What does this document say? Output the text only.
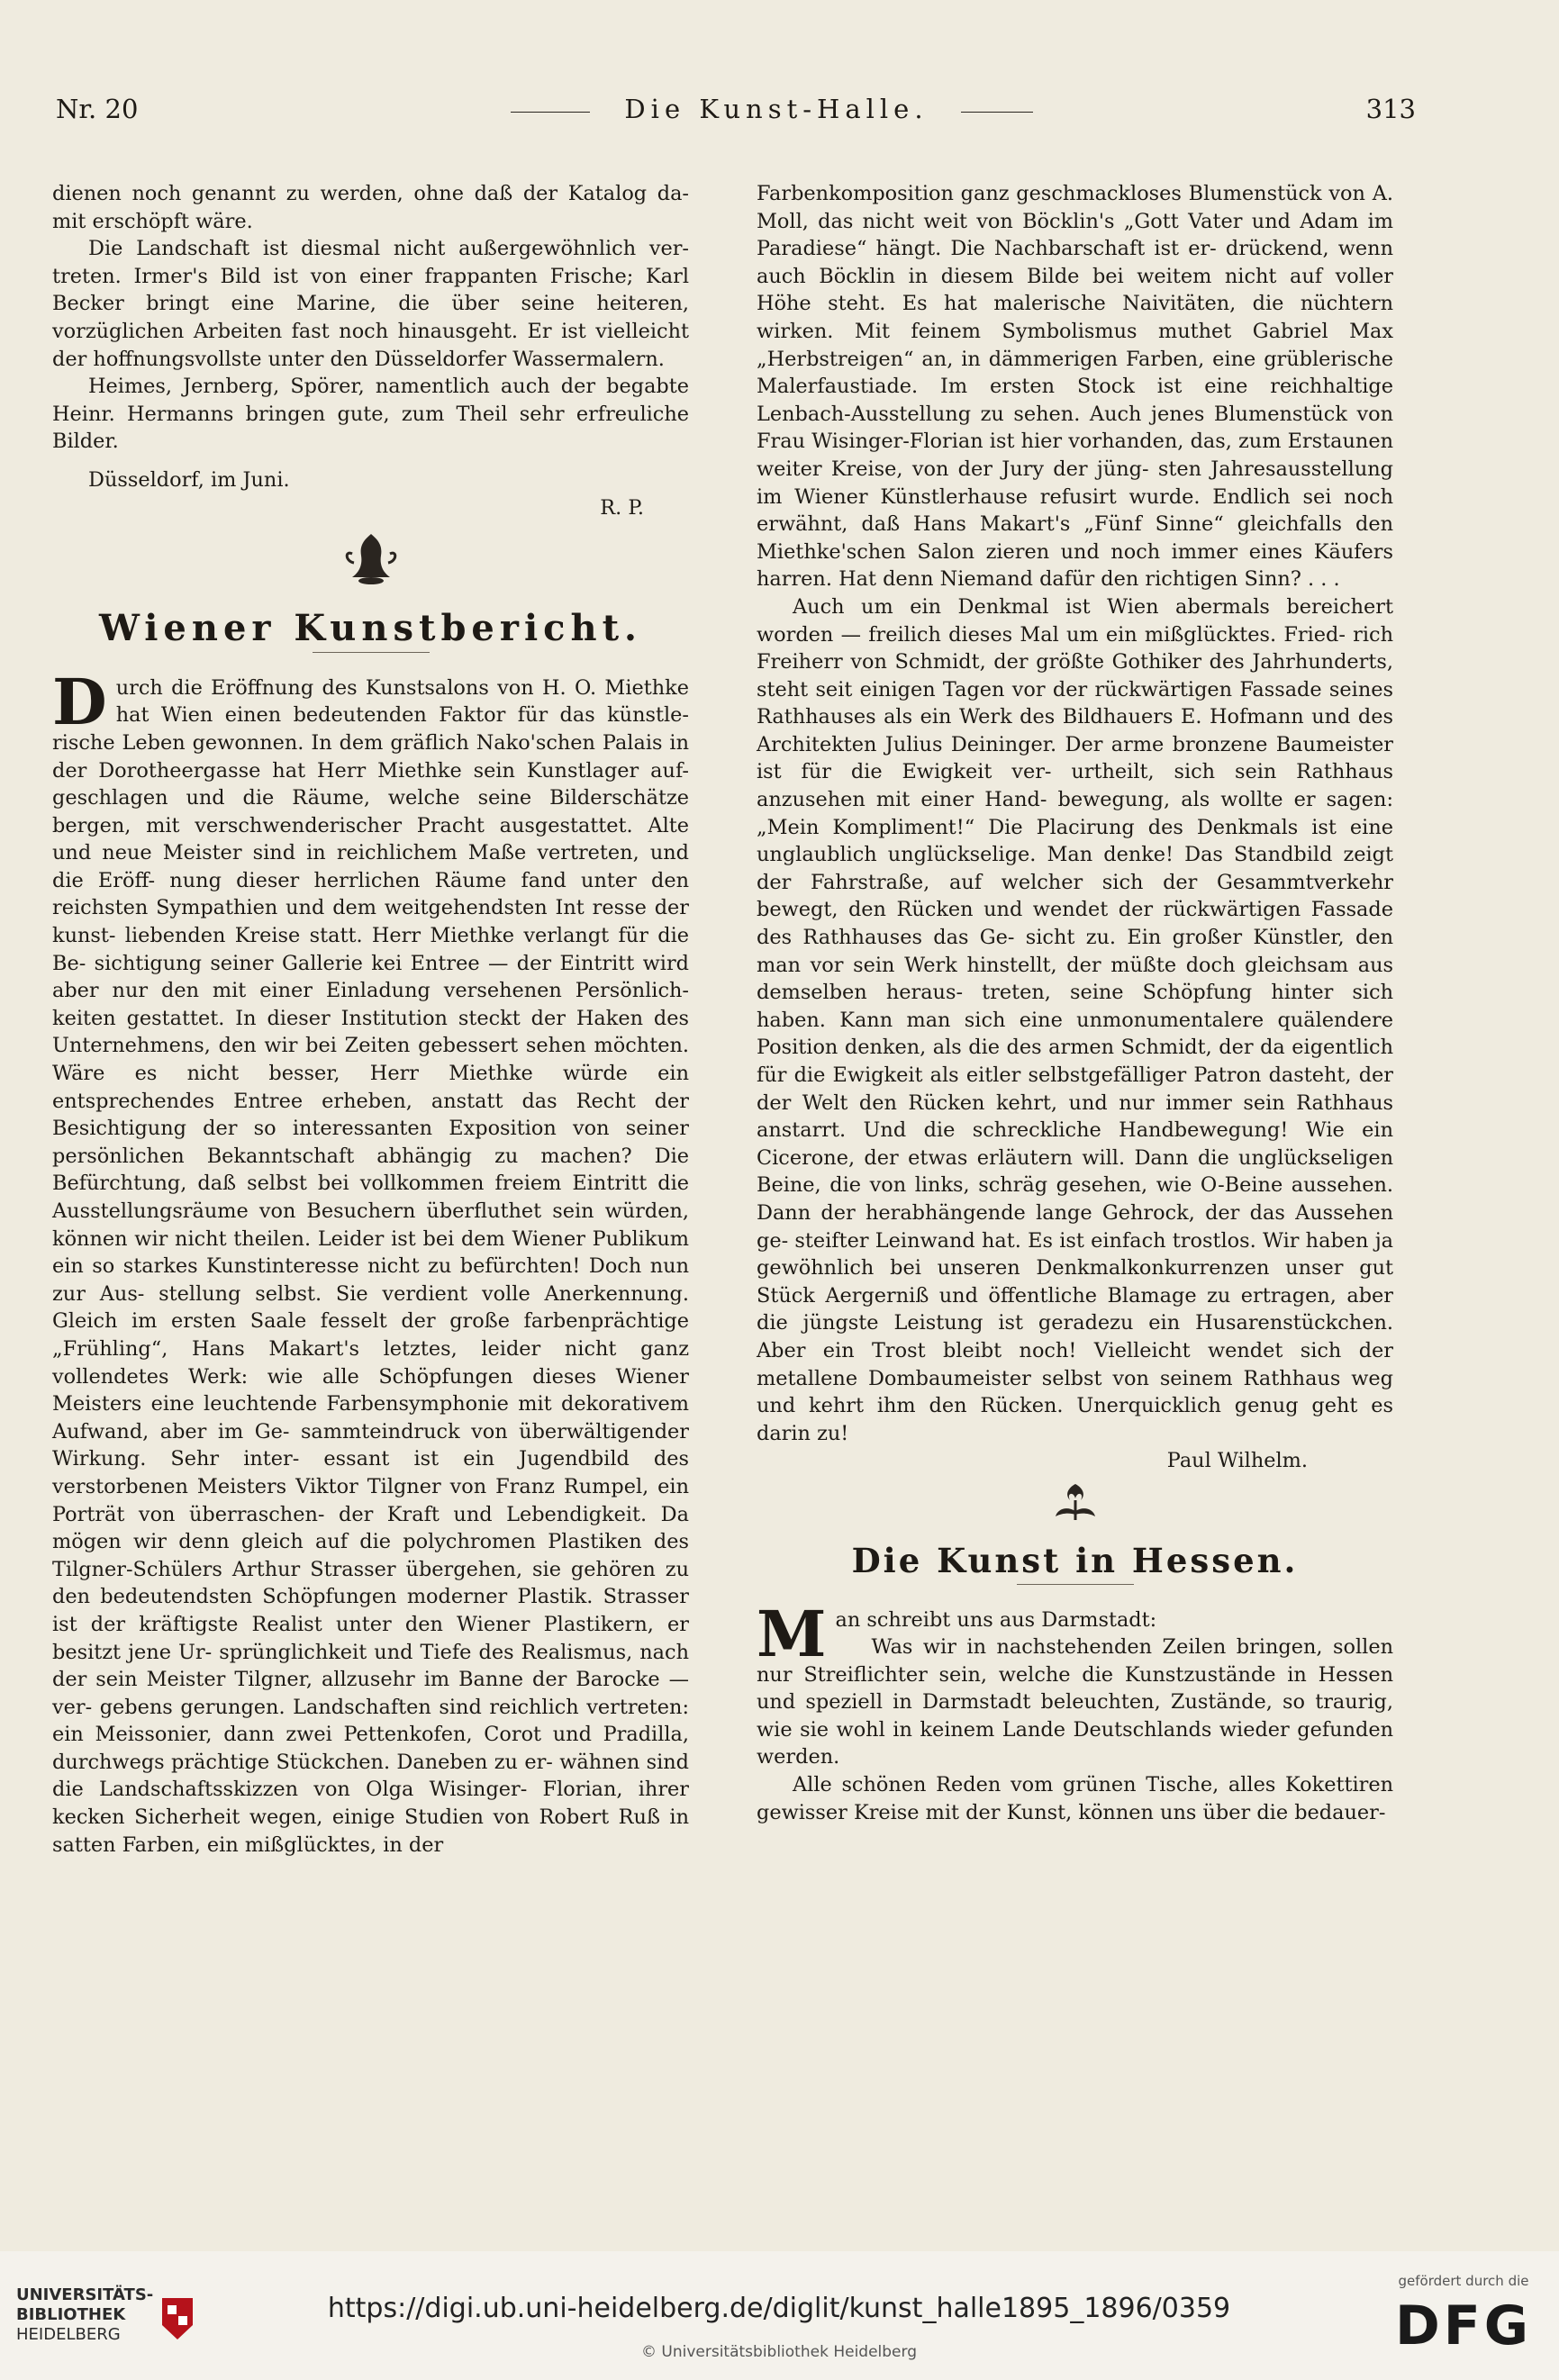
Nr. 20	Die Kunst-Halle.	313

dienen noch genannt zu werden, ohne daß der Katalog da- mit erschöpft wäre.

Die Landschaft ist diesmal nicht außergewöhnlich ver- treten. Irmer's Bild ist von einer frappanten Frische; Karl Becker bringt eine Marine, die über seine heiteren, vorzüglichen Arbeiten fast noch hinausgeht. Er ist vielleicht der hoffnungsvollste unter den Düsseldorfer Wassermalern.

Heimes, Jernberg, Spörer, namentlich auch der begabte Heinr. Hermanns bringen gute, zum Theil sehr erfreuliche Bilder.

Düsseldorf, im Juni.

R. P.

Wiener Kunstbericht.

Durch die Eröffnung des Kunstsalons von H. O. Miethke hat Wien einen bedeutenden Faktor für das künstle- rische Leben gewonnen. In dem gräflich Nako'schen Palais in der Dorotheergasse hat Herr Miethke sein Kunstlager auf- geschlagen und die Räume, welche seine Bilderschätze bergen, mit verschwenderischer Pracht ausgestattet. Alte und neue Meister sind in reichlichem Maße vertreten, und die Eröff- nung dieser herrlichen Räume fand unter den reichsten Sympathien und dem weitgehendsten Int resse der kunst- liebenden Kreise statt. Herr Miethke verlangt für die Be- sichtigung seiner Gallerie kei Entree — der Eintritt wird aber nur den mit einer Einladung versehenen Persönlich- keiten gestattet. In dieser Institution steckt der Haken des Unternehmens, den wir bei Zeiten gebessert sehen möchten. Wäre es nicht besser, Herr Miethke würde ein entsprechendes Entree erheben, anstatt das Recht der Besichtigung der so interessanten Exposition von seiner persönlichen Bekanntschaft abhängig zu machen? Die Befürchtung, daß selbst bei vollkommen freiem Eintritt die Ausstellungsräume von Besuchern überfluthet sein würden, können wir nicht theilen. Leider ist bei dem Wiener Publikum ein so starkes Kunstinteresse nicht zu befürchten! Doch nun zur Aus- stellung selbst. Sie verdient volle Anerkennung. Gleich im ersten Saale fesselt der große farbenprächtige „Frühling“, Hans Makart's letztes, leider nicht ganz vollendetes Werk: wie alle Schöpfungen dieses Wiener Meisters eine leuchtende Farbensymphonie mit dekorativem Aufwand, aber im Ge- sammteindruck von überwältigender Wirkung. Sehr inter- essant ist ein Jugendbild des verstorbenen Meisters Viktor Tilgner von Franz Rumpel, ein Porträt von überraschen- der Kraft und Lebendigkeit. Da mögen wir denn gleich auf die polychromen Plastiken des Tilgner-Schülers Arthur Strasser übergehen, sie gehören zu den bedeutendsten Schöpfungen moderner Plastik. Strasser ist der kräftigste Realist unter den Wiener Plastikern, er besitzt jene Ur- sprünglichkeit und Tiefe des Realismus, nach der sein Meister Tilgner, allzusehr im Banne der Barocke — ver- gebens gerungen. Landschaften sind reichlich vertreten: ein Meissonier, dann zwei Pettenkofen, Corot und Pradilla, durchwegs prächtige Stückchen. Daneben zu er- wähnen sind die Landschaftsskizzen von Olga Wisinger- Florian, ihrer kecken Sicherheit wegen, einige Studien von Robert Ruß in satten Farben, ein mißglücktes, in der

Farbenkomposition ganz geschmackloses Blumenstück von A. Moll, das nicht weit von Böcklin's „Gott Vater und Adam im Paradiese“ hängt. Die Nachbarschaft ist er- drückend, wenn auch Böcklin in diesem Bilde bei weitem nicht auf voller Höhe steht. Es hat malerische Naivitäten, die nüchtern wirken. Mit feinem Symbolismus muthet Gabriel Max „Herbstreigen“ an, in dämmerigen Farben, eine grüblerische Malerfaustiade. Im ersten Stock ist eine reichhaltige Lenbach-Ausstellung zu sehen. Auch jenes Blumenstück von Frau Wisinger-Florian ist hier vorhanden, das, zum Erstaunen weiter Kreise, von der Jury der jüng- sten Jahresausstellung im Wiener Künstlerhause refusirt wurde. Endlich sei noch erwähnt, daß Hans Makart's „Fünf Sinne“ gleichfalls den Miethke'schen Salon zieren und noch immer eines Käufers harren. Hat denn Niemand dafür den richtigen Sinn? . . .

Auch um ein Denkmal ist Wien abermals bereichert worden — freilich dieses Mal um ein mißglücktes. Fried- rich Freiherr von Schmidt, der größte Gothiker des Jahrhunderts, steht seit einigen Tagen vor der rückwärtigen Fassade seines Rathhauses als ein Werk des Bildhauers E. Hofmann und des Architekten Julius Deininger. Der arme bronzene Baumeister ist für die Ewigkeit ver- urtheilt, sich sein Rathhaus anzusehen mit einer Hand- bewegung, als wollte er sagen: „Mein Kompliment!“ Die Placirung des Denkmals ist eine unglaublich unglückselige. Man denke! Das Standbild zeigt der Fahrstraße, auf welcher sich der Gesammtverkehr bewegt, den Rücken und wendet der rückwärtigen Fassade des Rathhauses das Ge- sicht zu. Ein großer Künstler, den man vor sein Werk hinstellt, der müßte doch gleichsam aus demselben heraus- treten, seine Schöpfung hinter sich haben. Kann man sich eine unmonumentalere quälendere Position denken, als die des armen Schmidt, der da eigentlich für die Ewigkeit als eitler selbstgefälliger Patron dasteht, der der Welt den Rücken kehrt, und nur immer sein Rathhaus anstarrt. Und die schreckliche Handbewegung! Wie ein Cicerone, der etwas erläutern will. Dann die unglückseligen Beine, die von links, schräg gesehen, wie O-Beine aussehen. Dann der herabhängende lange Gehrock, der das Aussehen ge- steifter Leinwand hat. Es ist einfach trostlos. Wir haben ja gewöhnlich bei unseren Denkmalkonkurrenzen unser gut Stück Aergerniß und öffentliche Blamage zu ertragen, aber die jüngste Leistung ist geradezu ein Husarenstückchen. Aber ein Trost bleibt noch! Vielleicht wendet sich der metallene Dombaumeister selbst von seinem Rathhaus weg und kehrt ihm den Rücken. Unerquicklich genug geht es darin zu!

Paul Wilhelm.

Die Kunst in Hessen.

Man schreibt uns aus Darmstadt:

Was wir in nachstehenden Zeilen bringen, sollen nur Streiflichter sein, welche die Kunstzustände in Hessen und speziell in Darmstadt beleuchten, Zustände, so traurig, wie sie wohl in keinem Lande Deutschlands wieder gefunden werden.

Alle schönen Reden vom grünen Tische, alles Kokettiren gewisser Kreise mit der Kunst, können uns über die bedauer-

UNIVERSITÄTS-
BIBLIOTHEK
HEIDELBERG
https://digi.ub.uni-heidelberg.de/diglit/kunst_halle1895_1896/0359
© Universitätsbibliothek Heidelberg
gefördert durch die
DFG
